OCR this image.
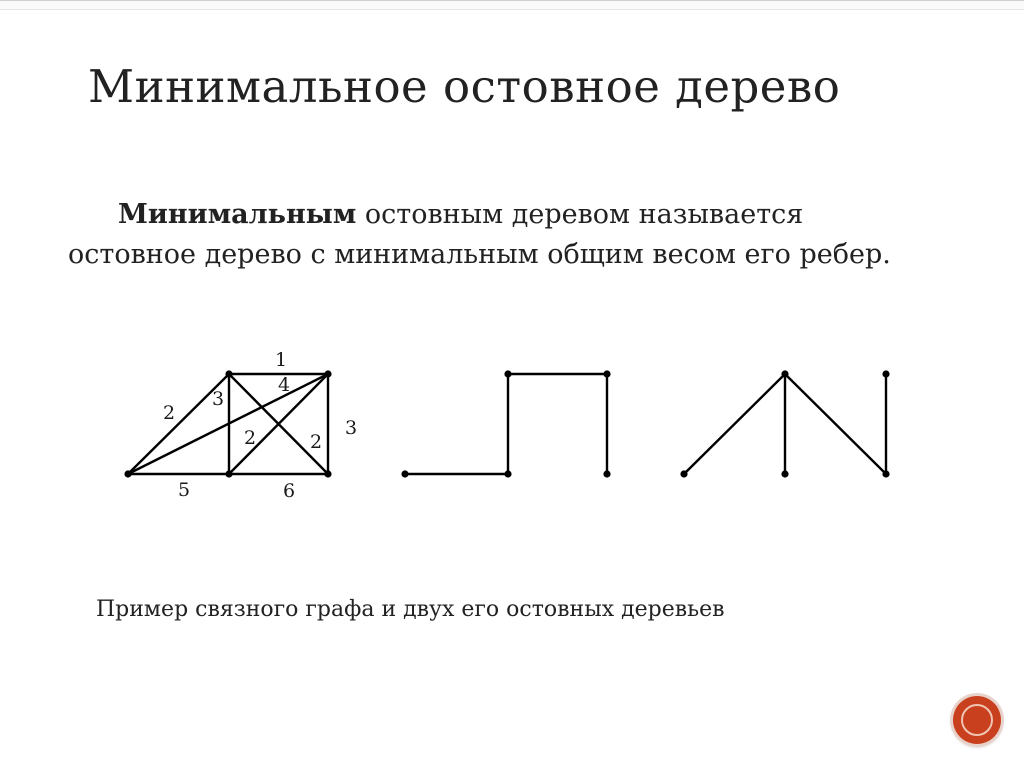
Минимальное остовное дерево
Минимальным остовным деревом называется остовное дерево с минимальным общим весом его ребер.
1
2
3
4
2	2
3
5	6
Пример связного графа и двух его остовных деревьев
